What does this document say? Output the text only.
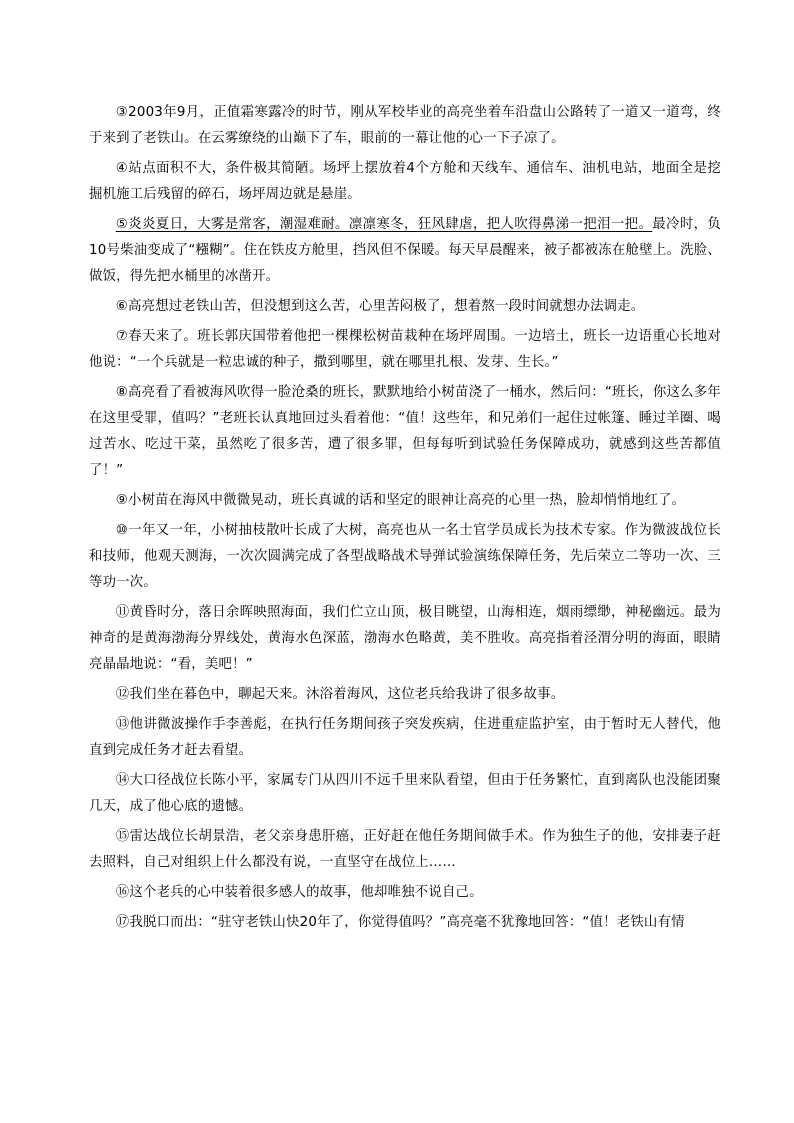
③2003年9月，正值霜寒露冷的时节，刚从军校毕业的高亮坐着车沿盘山公路转了一道又一道弯，终于来到了老铁山。在云雾缭绕的山巅下了车，眼前的一幕让他的心一下子凉了。

④站点面积不大，条件极其简陋。场坪上摆放着4个方舱和天线车、通信车、油机电站，地面全是挖掘机施工后残留的碎石，场坪周边就是悬崖。

⑤炎炎夏日，大雾是常客，潮湿难耐。凛凛寒冬，狂风肆虐，把人吹得鼻涕一把泪一把。最冷时，负10号柴油变成了“糨糊”。住在铁皮方舱里，挡风但不保暖。每天早晨醒来，被子都被冻在舱壁上。洗脸、做饭，得先把水桶里的冰凿开。

⑥高亮想过老铁山苦，但没想到这么苦，心里苦闷极了，想着熬一段时间就想办法调走。

⑦春天来了。班长郭庆国带着他把一棵棵松树苗栽种在场坪周围。一边培土，班长一边语重心长地对他说：“一个兵就是一粒忠诚的种子，撒到哪里，就在哪里扎根、发芽、生长。”

⑧高亮看了看被海风吹得一脸沧桑的班长，默默地给小树苗浇了一桶水，然后问：“班长，你这么多年在这里受罪，值吗？”老班长认真地回过头看着他：“值！这些年，和兄弟们一起住过帐篷、睡过羊圈、喝过苦水、吃过干菜，虽然吃了很多苦，遭了很多罪，但每每听到试验任务保障成功，就感到这些苦都值了！”

⑨小树苗在海风中微微晃动，班长真诚的话和坚定的眼神让高亮的心里一热，脸却悄悄地红了。

⑩一年又一年，小树抽枝散叶长成了大树，高亮也从一名士官学员成长为技术专家。作为微波战位长和技师，他观天测海，一次次圆满完成了各型战略战术导弹试验演练保障任务，先后荣立二等功一次、三等功一次。

⑪黄昏时分，落日余晖映照海面，我们伫立山顶，极目眺望，山海相连，烟雨缥缈，神秘幽远。最为神奇的是黄海渤海分界线处，黄海水色深蓝，渤海水色略黄，美不胜收。高亮指着泾渭分明的海面，眼睛亮晶晶地说：“看，美吧！”

⑫我们坐在暮色中，聊起天来。沐浴着海风，这位老兵给我讲了很多故事。

⑬他讲微波操作手李善彪，在执行任务期间孩子突发疾病，住进重症监护室，由于暂时无人替代，他直到完成任务才赶去看望。

⑭大口径战位长陈小平，家属专门从四川不远千里来队看望，但由于任务繁忙，直到离队也没能团聚几天，成了他心底的遗憾。

⑮雷达战位长胡景浩，老父亲身患肝癌，正好赶在他任务期间做手术。作为独生子的他，安排妻子赶去照料，自己对组织上什么都没有说，一直坚守在战位上……

⑯这个老兵的心中装着很多感人的故事，他却唯独不说自己。

⑰我脱口而出：“驻守老铁山快20年了，你觉得值吗？”高亮毫不犹豫地回答：“值！老铁山有情
